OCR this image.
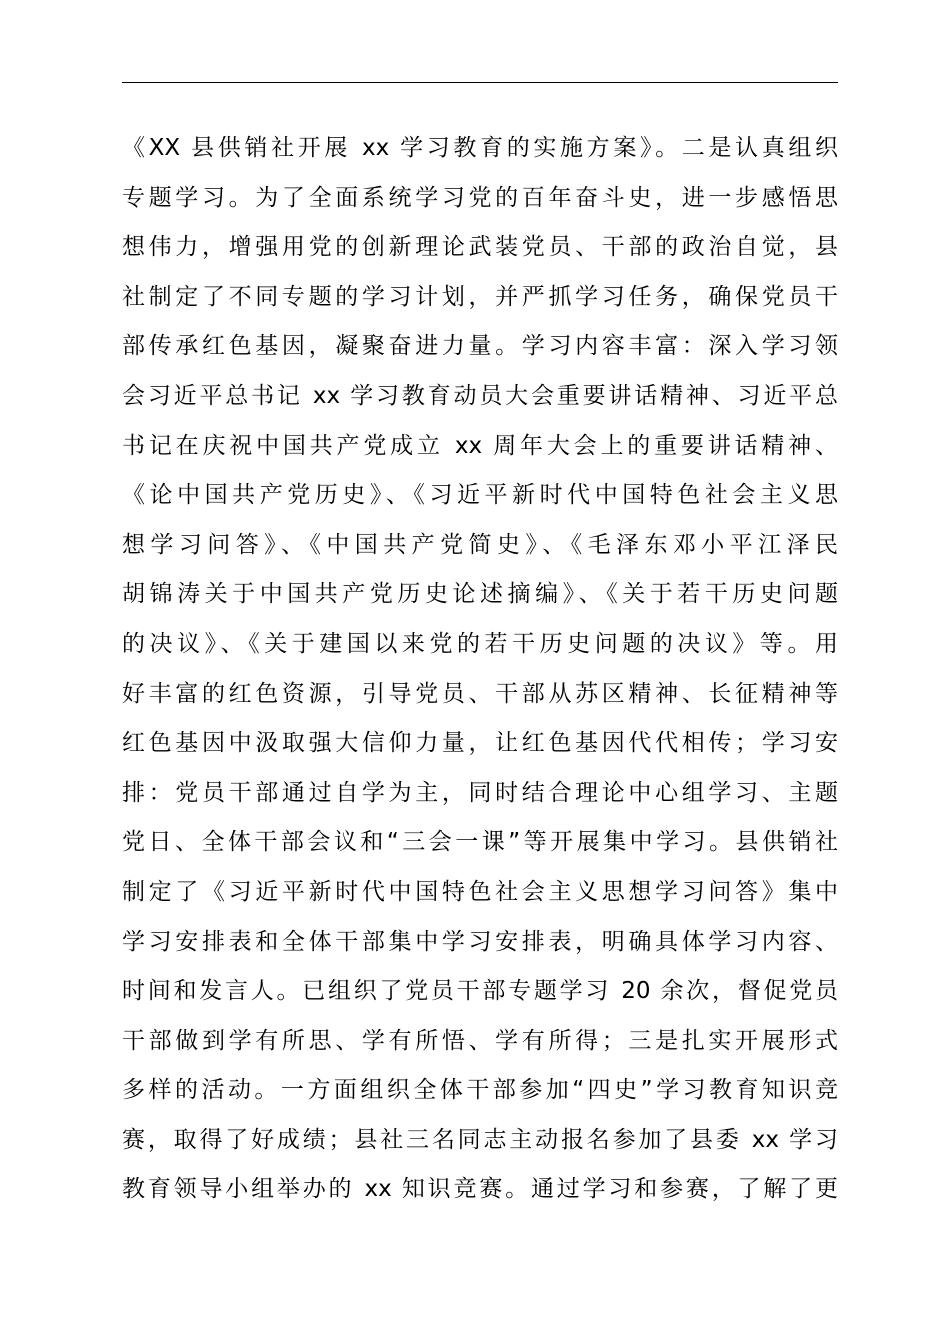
《XX 县供销社开展 xx 学习教育的实施方案》。二是认真组织
专题学习。为了全面系统学习党的百年奋斗史，进一步感悟思
想伟力，增强用党的创新理论武装党员、干部的政治自觉，县
社制定了不同专题的学习计划，并严抓学习任务，确保党员干
部传承红色基因，凝聚奋进力量。学习内容丰富：深入学习领
会习近平总书记 xx 学习教育动员大会重要讲话精神、习近平总
书记在庆祝中国共产党成立 xx 周年大会上的重要讲话精神、
《论中国共产党历史》、《习近平新时代中国特色社会主义思
想学习问答》、《中国共产党简史》、《毛泽东邓小平江泽民
胡锦涛关于中国共产党历史论述摘编》、《关于若干历史问题
的决议》、《关于建国以来党的若干历史问题的决议》等。用
好丰富的红色资源，引导党员、干部从苏区精神、长征精神等
红色基因中汲取强大信仰力量，让红色基因代代相传；学习安
排：党员干部通过自学为主，同时结合理论中心组学习、主题
党日、全体干部会议和“三会一课”等开展集中学习。县供销社
制定了《习近平新时代中国特色社会主义思想学习问答》集中
学习安排表和全体干部集中学习安排表，明确具体学习内容、
时间和发言人。已组织了党员干部专题学习 20 余次，督促党员
干部做到学有所思、学有所悟、学有所得；三是扎实开展形式
多样的活动。一方面组织全体干部参加“四史”学习教育知识竞
赛，取得了好成绩；县社三名同志主动报名参加了县委 xx 学习
教育领导小组举办的 xx 知识竞赛。通过学习和参赛，了解了更
